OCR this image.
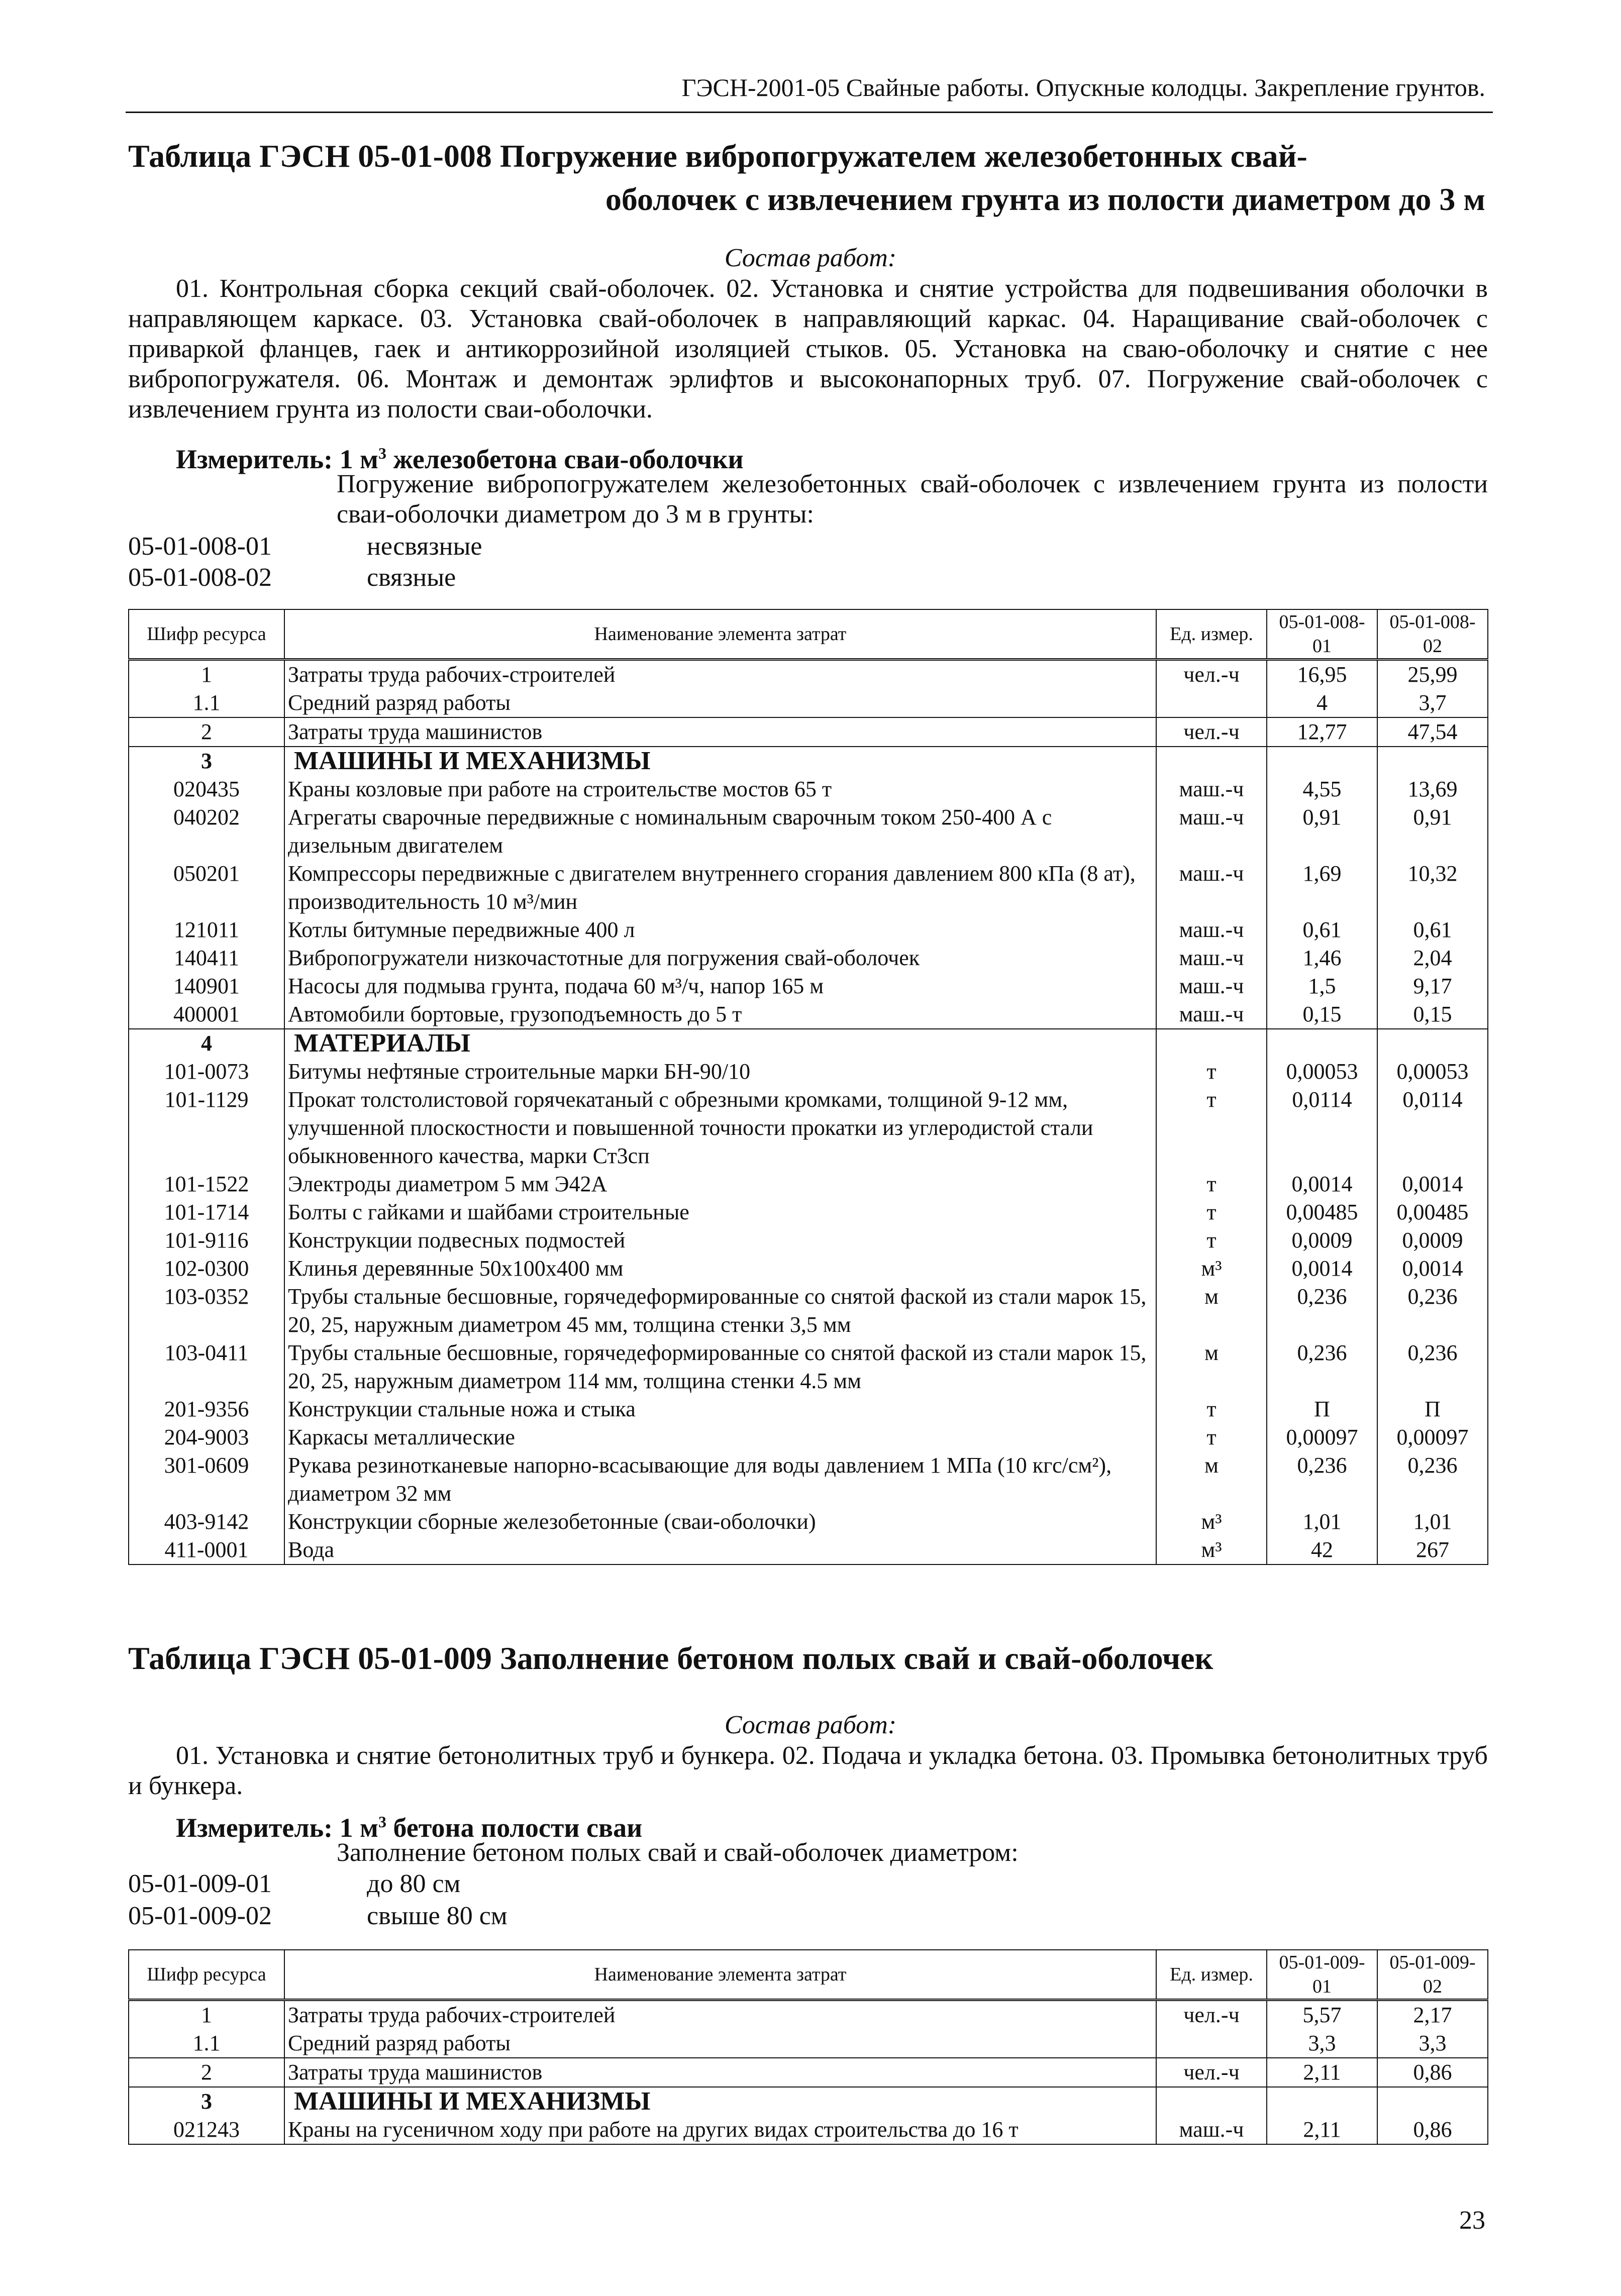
ГЭСН-2001-05 Свайные работы. Опускные колодцы. Закрепление грунтов.
Таблица ГЭСН 05-01-008 Погружение вибропогружателем железобетонных свай-
оболочек с извлечением грунта из полости диаметром до 3 м
Состав работ:
01. Контрольная сборка секций свай-оболочек. 02. Установка и снятие устройства для подвешивания оболочки в направляющем каркасе. 03. Установка свай-оболочек в направляющий каркас. 04. Наращивание свай-оболочек с приваркой фланцев, гаек и антикоррозийной изоляцией стыков. 05. Установка на сваю-оболочку и снятие с нее вибропогружателя. 06. Монтаж и демонтаж эрлифтов и высоконапорных труб. 07. Погружение свай-оболочек с извлечением грунта из полости сваи-оболочки.
Измеритель: 1 $м^3$ железобетона сваи-оболочки
Погружение вибропогружателем железобетонных свай-оболочек с извлечением грунта из полости сваи-оболочки диаметром до 3 м в грунты:
05-01-008-01	несвязные
05-01-008-02	связные
Шифр ресурса	Наименование элемента затрат	Ед. измер.	05-01-008-01	05-01-008-02
1	Затраты труда рабочих-строителей	чел.-ч	16,95	25,99
1.1	Средний разряд работы		4	3,7
2	Затраты труда машинистов	чел.-ч	12,77	47,54
3	МАШИНЫ И МЕХАНИЗМЫ			
020435	Краны козловые при работе на строительстве мостов 65 т	маш.-ч	4,55	13,69
040202	Агрегаты сварочные передвижные с номинальным сварочным током 250-400 А с дизельным двигателем	маш.-ч	0,91	0,91
050201	Компрессоры передвижные с двигателем внутреннего сгорания давлением 800 кПа (8 ат), производительность 10 м³/мин	маш.-ч	1,69	10,32
121011	Котлы битумные передвижные 400 л	маш.-ч	0,61	0,61
140411	Вибропогружатели низкочастотные для погружения свай-оболочек	маш.-ч	1,46	2,04
140901	Насосы для подмыва грунта, подача 60 м³/ч, напор 165 м	маш.-ч	1,5	9,17
400001	Автомобили бортовые, грузоподъемность до 5 т	маш.-ч	0,15	0,15
4	МАТЕРИАЛЫ			
101-0073	Битумы нефтяные строительные марки БН-90/10	т	0,00053	0,00053
101-1129	Прокат толстолистовой горячекатаный с обрезными кромками, толщиной 9-12 мм, улучшенной плоскостности и повышенной точности прокатки из углеродистой стали обыкновенного качества, марки Ст3сп	т	0,0114	0,0114
101-1522	Электроды диаметром 5 мм Э42А	т	0,0014	0,0014
101-1714	Болты с гайками и шайбами строительные	т	0,00485	0,00485
101-9116	Конструкции подвесных подмостей	т	0,0009	0,0009
102-0300	Клинья деревянные 50х100х400 мм	м³	0,0014	0,0014
103-0352	Трубы стальные бесшовные, горячедеформированные со снятой фаской из стали марок 15, 20, 25, наружным диаметром 45 мм, толщина стенки 3,5 мм	м	0,236	0,236
103-0411	Трубы стальные бесшовные, горячедеформированные со снятой фаской из стали марок 15, 20, 25, наружным диаметром 114 мм, толщина стенки 4.5 мм	м	0,236	0,236
201-9356	Конструкции стальные ножа и стыка	т	П	П
204-9003	Каркасы металлические	т	0,00097	0,00097
301-0609	Рукава резинотканевые напорно-всасывающие для воды давлением 1 МПа (10 кгс/см²), диаметром 32 мм	м	0,236	0,236
403-9142	Конструкции сборные железобетонные (сваи-оболочки)	м³	1,01	1,01
411-0001	Вода	м³	42	267
Таблица ГЭСН 05-01-009 Заполнение бетоном полых свай и свай-оболочек
Состав работ:
01. Установка и снятие бетонолитных труб и бункера. 02. Подача и укладка бетона. 03. Промывка бетонолитных труб и бункера.
Измеритель: 1 $м^3$ бетона полости сваи
Заполнение бетоном полых свай и свай-оболочек диаметром:
05-01-009-01	до 80 см
05-01-009-02	свыше 80 см
Шифр ресурса	Наименование элемента затрат	Ед. измер.	05-01-009-01	05-01-009-02
1	Затраты труда рабочих-строителей	чел.-ч	5,57	2,17
1.1	Средний разряд работы		3,3	3,3
2	Затраты труда машинистов	чел.-ч	2,11	0,86
3	МАШИНЫ И МЕХАНИЗМЫ			
021243	Краны на гусеничном ходу при работе на других видах строительства до 16 т	маш.-ч	2,11	0,86
23
